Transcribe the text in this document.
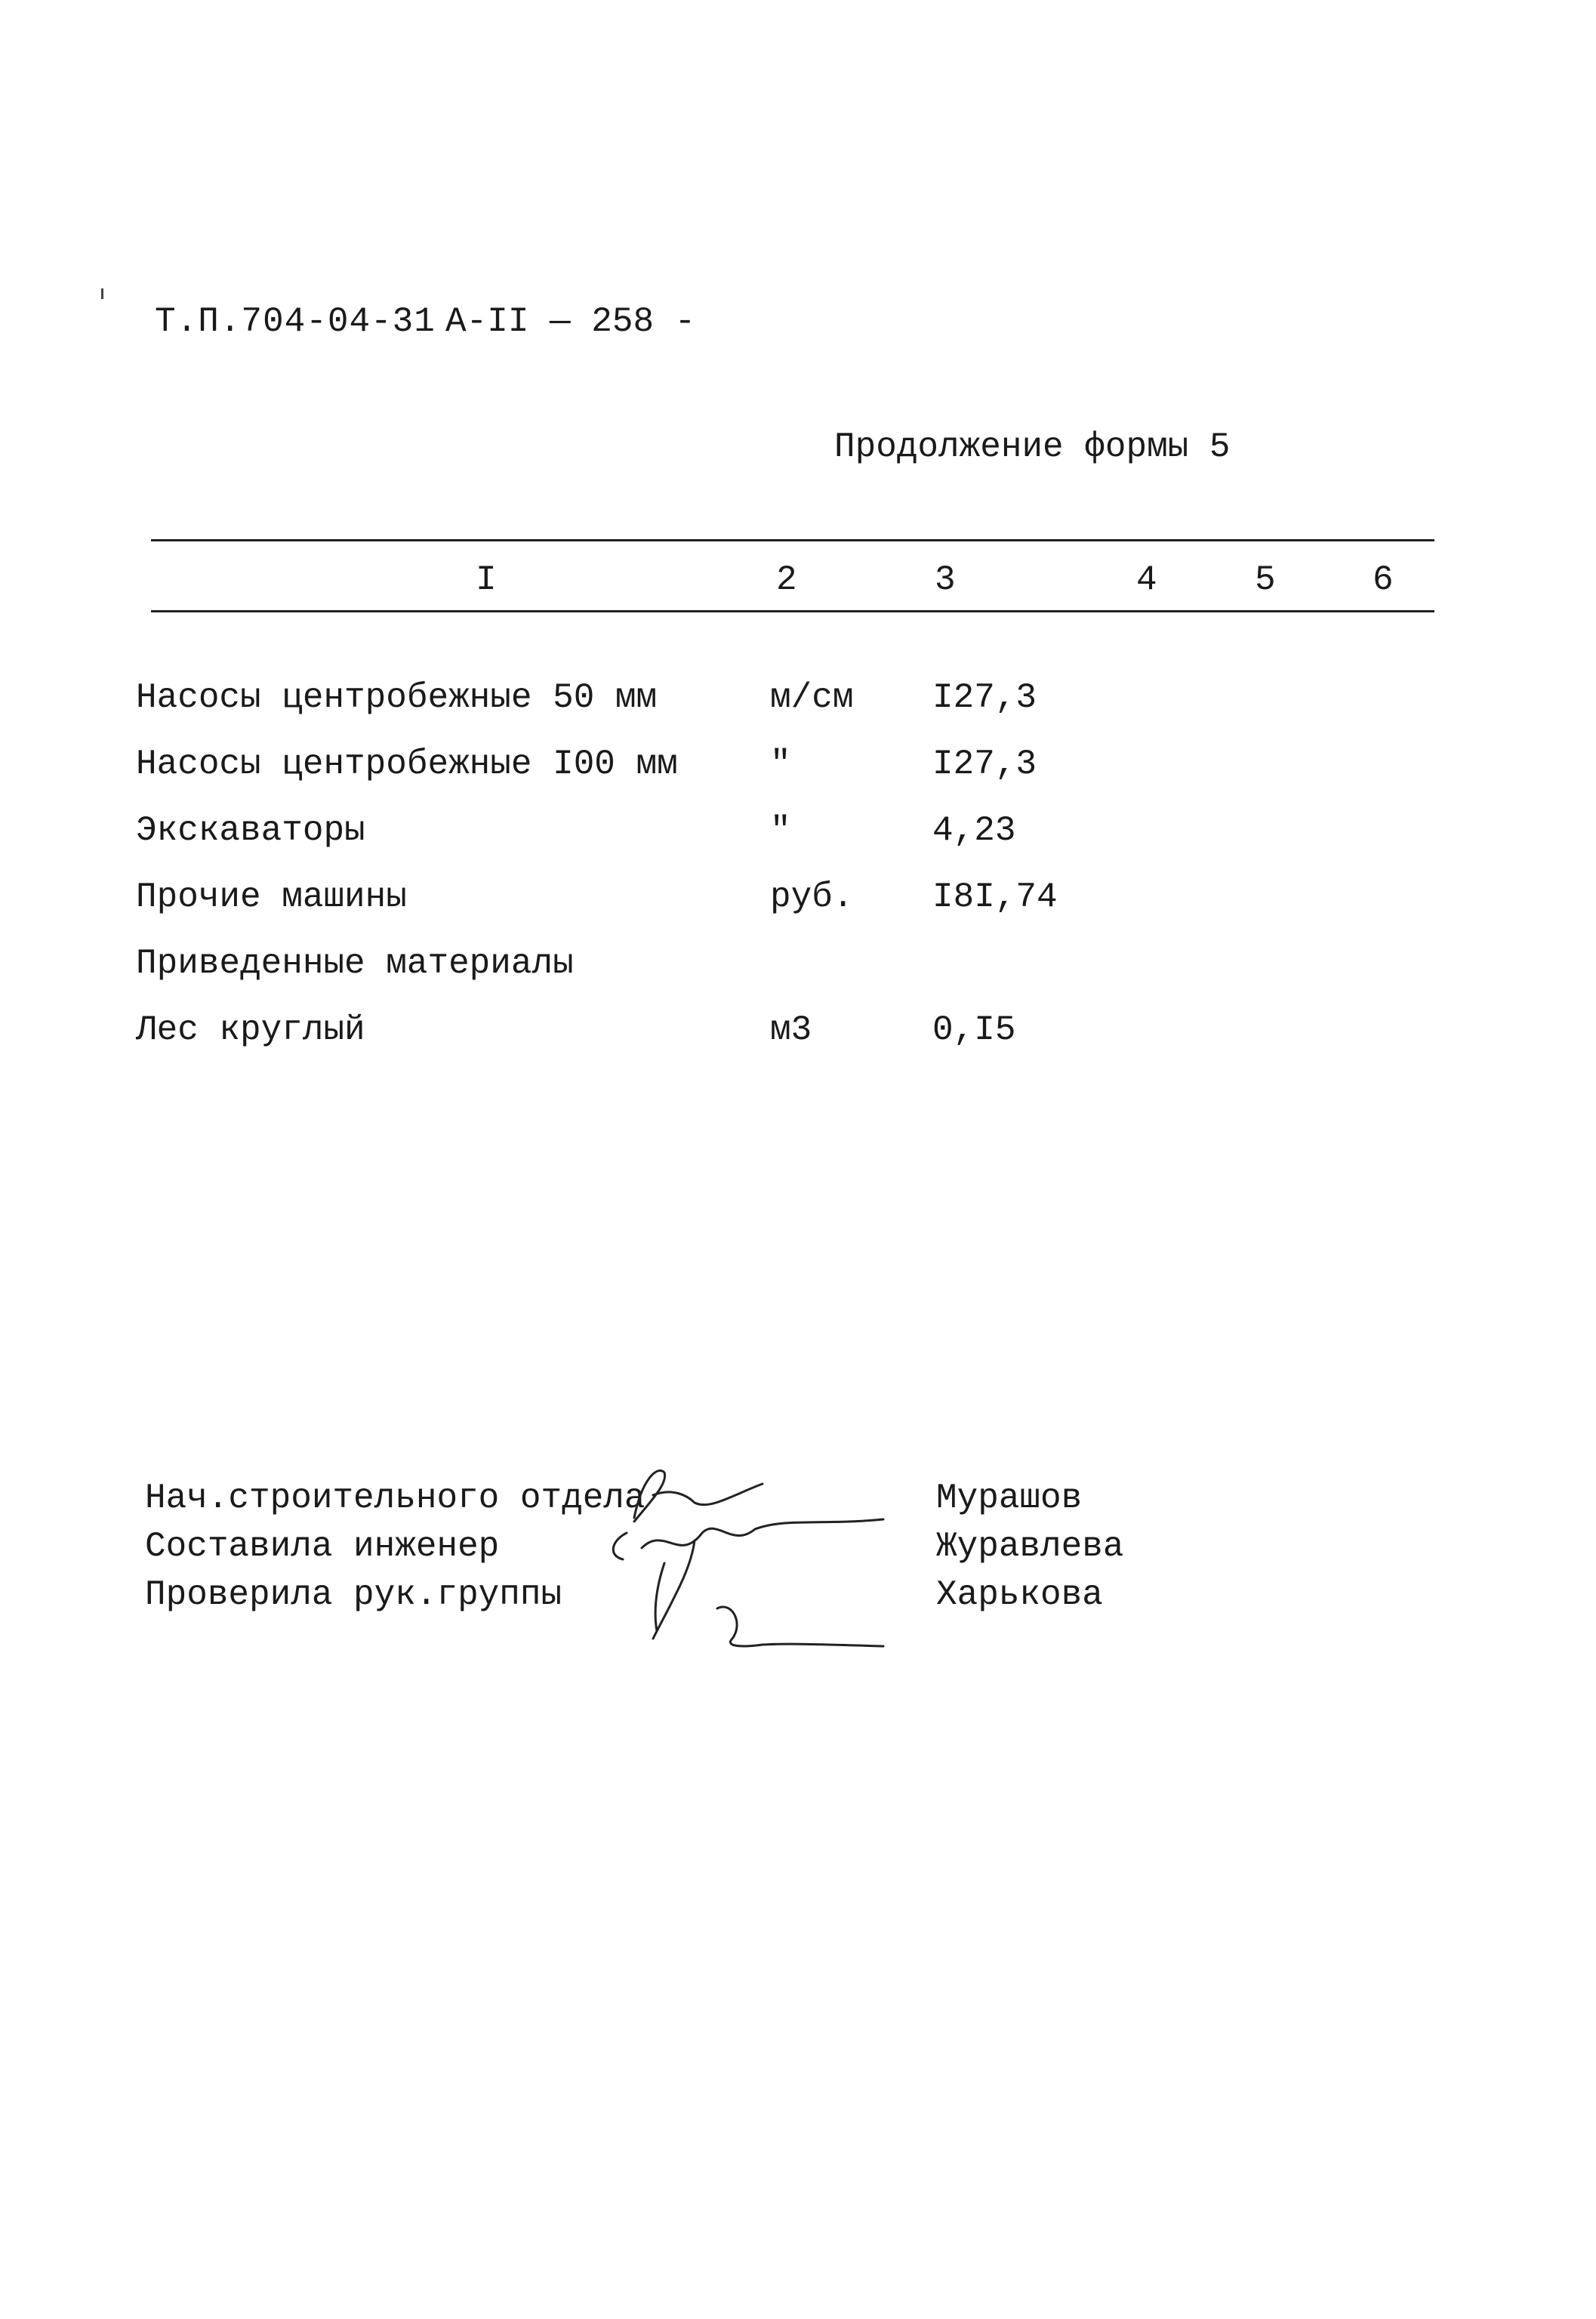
Т.П.704-04-31 А-II — 258 -
Продолжение формы 5
I	2	3	4	5	6
Насосы центробежные 50 мм	м/см I27,3
Насосы центробежные I00 мм	"	I27,3
Экскаваторы	"	4,23
Прочие машины	руб. I8I,74
Приведенные материалы
Лес круглый	м3	0,I5
Нач.строительного отдела
Составила инженер
Проверила рук.группы
Мурашов
Журавлева
Харькова
